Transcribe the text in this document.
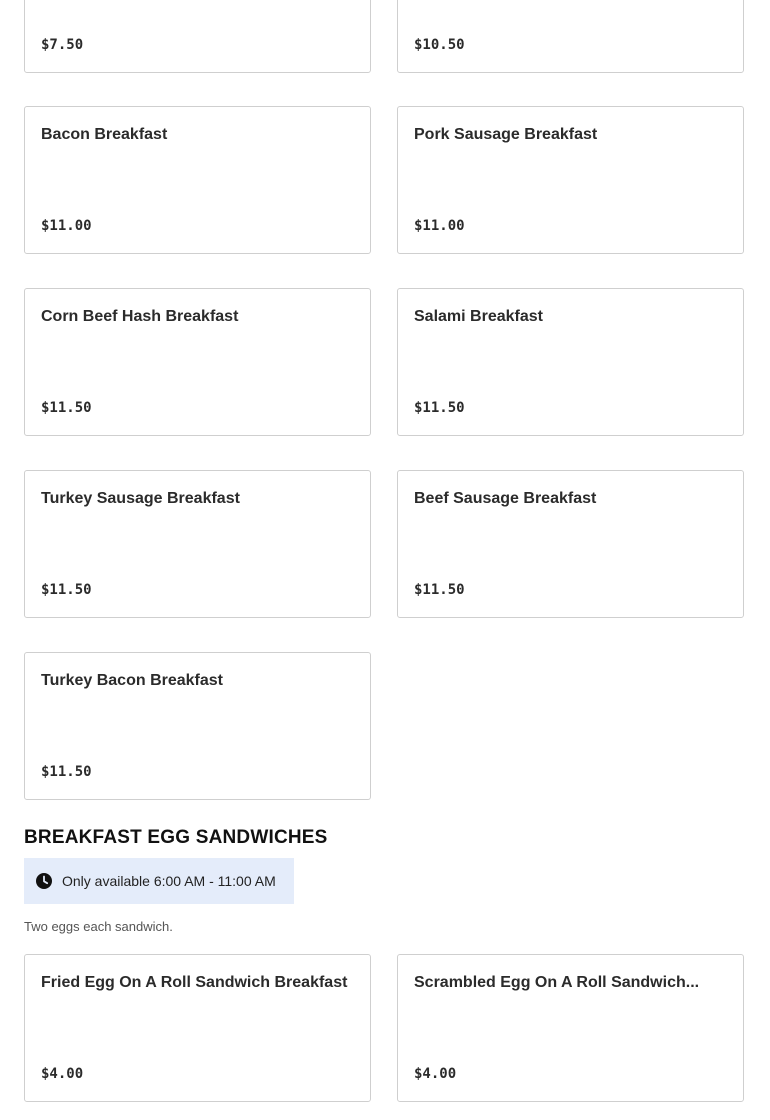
$7.50	$10.50
Bacon Breakfast
$11.00
Pork Sausage Breakfast
$11.00
Corn Beef Hash Breakfast
$11.50
Salami Breakfast
$11.50
Turkey Sausage Breakfast
$11.50
Beef Sausage Breakfast
$11.50
Turkey Bacon Breakfast
$11.50
BREAKFAST EGG SANDWICHES
Only available 6:00 AM - 11:00 AM
Two eggs each sandwich.
Fried Egg On A Roll Sandwich Breakfast
$4.00
Scrambled Egg On A Roll Sandwich...
$4.00
